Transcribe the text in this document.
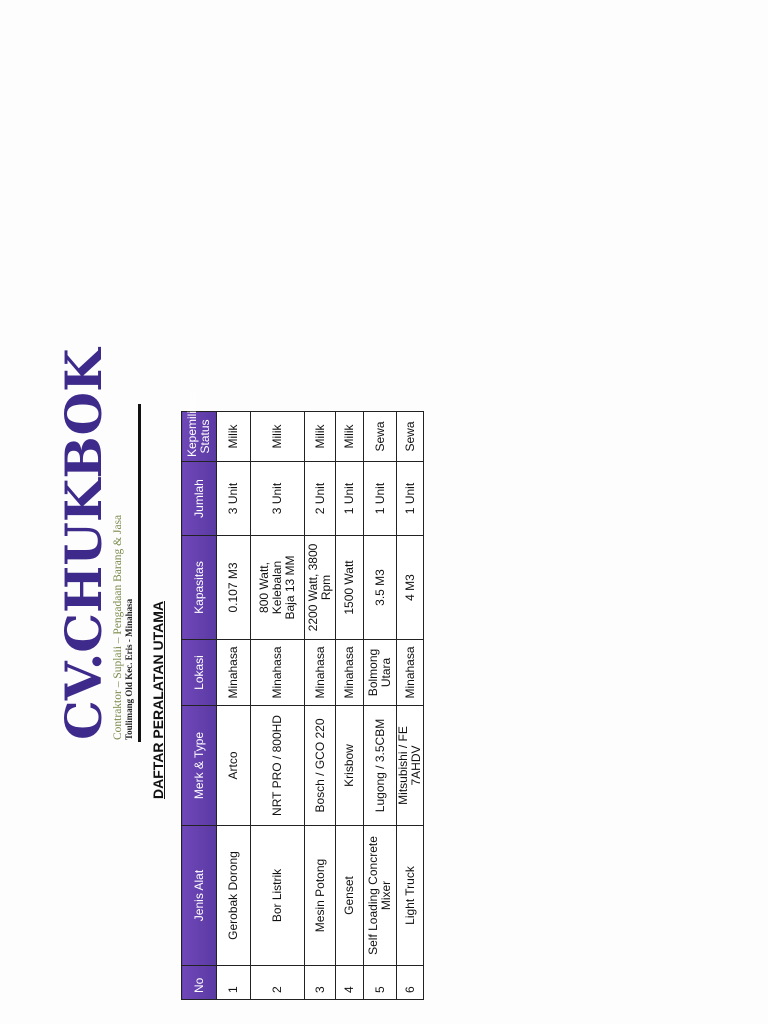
CV.CHUKBOK Contraktor – Suplaii – Pengadaan Barang & Jasa Toulimang Old Kec. Eris - Minahasa DAFTAR PERALATAN UTAMA
No	Jenis Alat	Merk & Type	Lokasi	Kapasitas	Jumlah	Kepemilikan
Status
1	Gerobak Dorong	Artco	Minahasa	0.107 M3	3 Unit	Milik
2	Bor Listrik	NRT PRO / 800HD	Minahasa	800 Watt, Kelebalan
Baja 13 MM	3 Unit	Milik
3	Mesin Potong	Bosch / GCO 220	Minahasa	2200 Watt, 3800 Rpm	2 Unit	Milik
4	Genset	Krisbow	Minahasa	1500 Watt	1 Unit	Milik
5	Self Loading Concrete Mixer	Lugong / 3.5CBM	Bolmong
Utara	3.5 M3	1 Unit	Sewa
6	Light Truck	Mitsubishi / FE 7AHDV	Minahasa	4 M3	1 Unit	Sewa
